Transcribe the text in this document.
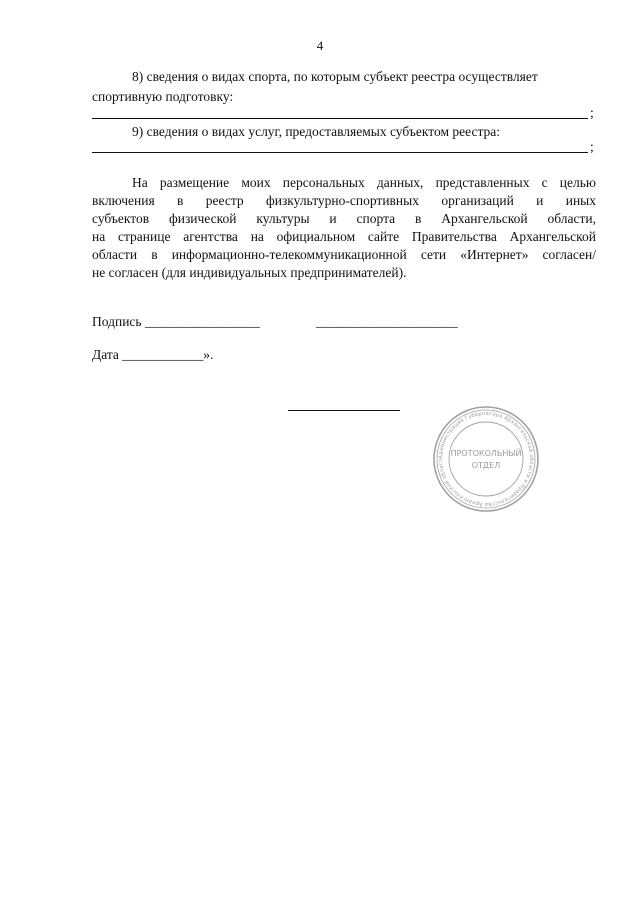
4
8) сведения о видах спорта, по которым субъект реестра осуществляет
спортивную подготовку:
;
9) сведения о видах услуг, предоставляемых субъектом реестра:
;
На размещение моих персональных данных, представленных с целью
включения в реестр физкультурно-спортивных организаций и иных
субъектов физической культуры и спорта в Архангельской области,
на странице агентства на официальном сайте Правительства Архангельской
области в информационно-телекоммуникационной сети «Интернет» согласен/
не согласен (для индивидуальных предпринимателей).
Подпись _________________	_____________________
Дата ____________».
Администрация Губернатора Архангельской области и Правительства Архангельской област
ПРОТОКОЛЬНЫЙ
ОТДЕЛ
